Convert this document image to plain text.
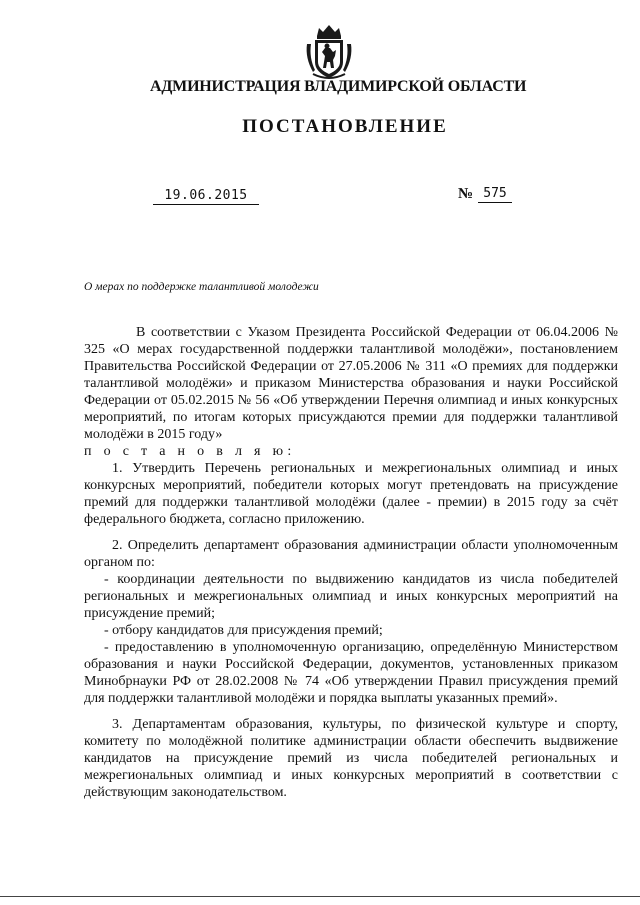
АДМИНИСТРАЦИЯ ВЛАДИМИРСКОЙ ОБЛАСТИ
ПОСТАНОВЛЕНИЕ
19.06.2015	№ 575
О мерах по поддержке талантливой молодежи

В соответствии с Указом Президента Российской Федерации от 06.04.2006 № 325 «О мерах государственной поддержки талантливой молодёжи», постановлением Правительства Российской Федерации от 27.05.2006 № 311 «О премиях для поддержки талантливой молодёжи» и приказом Министерства образования и науки Российской Федерации от 05.02.2015 № 56 «Об утверждении Перечня олимпиад и иных конкурсных мероприятий, по итогам которых присуждаются премии для поддержки талантливой молодёжи в 2015 году»

п о с т а н о в л я ю:

1. Утвердить Перечень региональных и межрегиональных олимпиад и иных конкурсных мероприятий, победители которых могут претендовать на присуждение премий для поддержки талантливой молодёжи (далее - премии) в 2015 году за счёт федерального бюджета, согласно приложению.

2. Определить департамент образования администрации области уполномоченным органом по:

- координации деятельности по выдвижению кандидатов из числа победителей региональных и межрегиональных олимпиад и иных конкурсных мероприятий на присуждение премий;

- отбору кандидатов для присуждения премий;

- предоставлению в уполномоченную организацию, определённую Министерством образования и науки Российской Федерации, документов, установленных приказом Минобрнауки РФ от 28.02.2008 № 74 «Об утверждении Правил присуждения премий для поддержки талантливой молодёжи и порядка выплаты указанных премий».

3. Департаментам образования, культуры, по физической культуре и спорту, комитету по молодёжной политике администрации области обеспечить выдвижение кандидатов на присуждение премий из числа победителей региональных и межрегиональных олимпиад и иных конкурсных мероприятий в соответствии с действующим законодательством.
